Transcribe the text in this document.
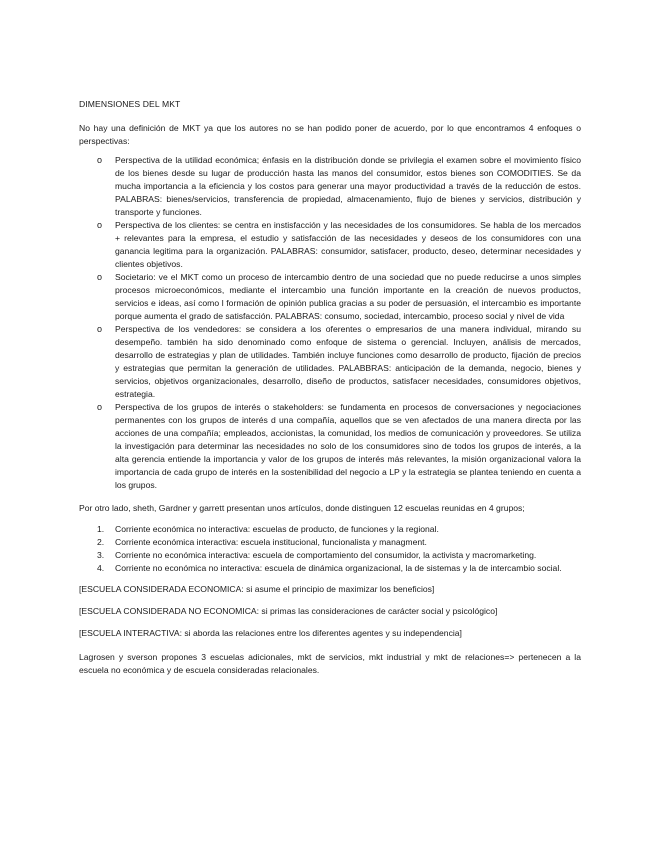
DIMENSIONES DEL MKT

No hay una definición de MKT ya que los autores no se han podido poner de acuerdo, por lo que encontramos 4 enfoques o perspectivas:

o Perspectiva de la utilidad económica; énfasis en la distribución donde se privilegia el examen sobre el movimiento físico de los bienes desde su lugar de producción hasta las manos del consumidor, estos bienes son COMODITIES. Se da mucha importancia a la eficiencia y los costos para generar una mayor productividad a través de la reducción de estos. PALABRAS: bienes/servicios, transferencia de propiedad, almacenamiento, flujo de bienes y servicios, distribución y transporte y funciones.
o Perspectiva de los clientes: se centra en instisfacción y las necesidades de los consumidores. Se habla de los mercados + relevantes para la empresa, el estudio y satisfacción de las necesidades y deseos de los consumidores con una ganancia legitima para la organización. PALABRAS: consumidor, satisfacer, producto, deseo, determinar necesidades y clientes objetivos.
o Societario: ve el MKT como un proceso de intercambio dentro de una sociedad que no puede reducirse a unos simples procesos microeconómicos, mediante el intercambio una función importante en la creación de nuevos productos, servicios e ideas, así como l formación de opinión publica gracias a su poder de persuasión, el intercambio es importante porque aumenta el grado de satisfacción. PALABRAS: consumo, sociedad, intercambio, proceso social y nivel de vida
o Perspectiva de los vendedores: se considera a los oferentes o empresarios de una manera individual, mirando su desempeño. también ha sido denominado como enfoque de sistema o gerencial. Incluyen, análisis de mercados, desarrollo de estrategias y plan de utilidades. También incluye funciones como desarrollo de producto, fijación de precios y estrategias que permitan la generación de utilidades. PALABBRAS: anticipación de la demanda, negocio, bienes y servicios, objetivos organizacionales, desarrollo, diseño de productos, satisfacer necesidades, consumidores objetivos, estrategia.
o Perspectiva de los grupos de interés o stakeholders: se fundamenta en procesos de conversaciones y negociaciones permanentes con los grupos de interés d una compañía, aquellos que se ven afectados de una manera directa por las acciones de una compañía; empleados, accionistas, la comunidad, los medios de comunicación y proveedores. Se utiliza la investigación para determinar las necesidades no solo de los consumidores sino de todos los grupos de interés, a la alta gerencia entiende la importancia y valor de los grupos de interés más relevantes, la misión organizacional valora la importancia de cada grupo de interés en la sostenibilidad del negocio a LP y la estrategia se plantea teniendo en cuenta a los grupos.

Por otro lado, sheth, Gardner y garrett presentan unos artículos, donde distinguen 12 escuelas reunidas en 4 grupos;

1. Corriente económica no interactiva: escuelas de producto, de funciones y la regional.
2. Corriente económica interactiva: escuela institucional, funcionalista y managment.
3. Corriente no económica interactiva: escuela de comportamiento del consumidor, la activista y macromarketing.
4. Corriente no económica no interactiva: escuela de dinámica organizacional, la de sistemas y la de intercambio social.

[ESCUELA CONSIDERADA ECONOMICA: si asume el principio de maximizar los beneficios]

[ESCUELA CONSIDERADA NO ECONOMICA: si primas las consideraciones de carácter social y psicológico]

[ESCUELA INTERACTIVA: si aborda las relaciones entre los diferentes agentes y su independencia]

Lagrosen y sverson propones 3 escuelas adicionales, mkt de servicios, mkt industrial y mkt de relaciones=> pertenecen a la escuela no económica y de escuela consideradas relacionales.
